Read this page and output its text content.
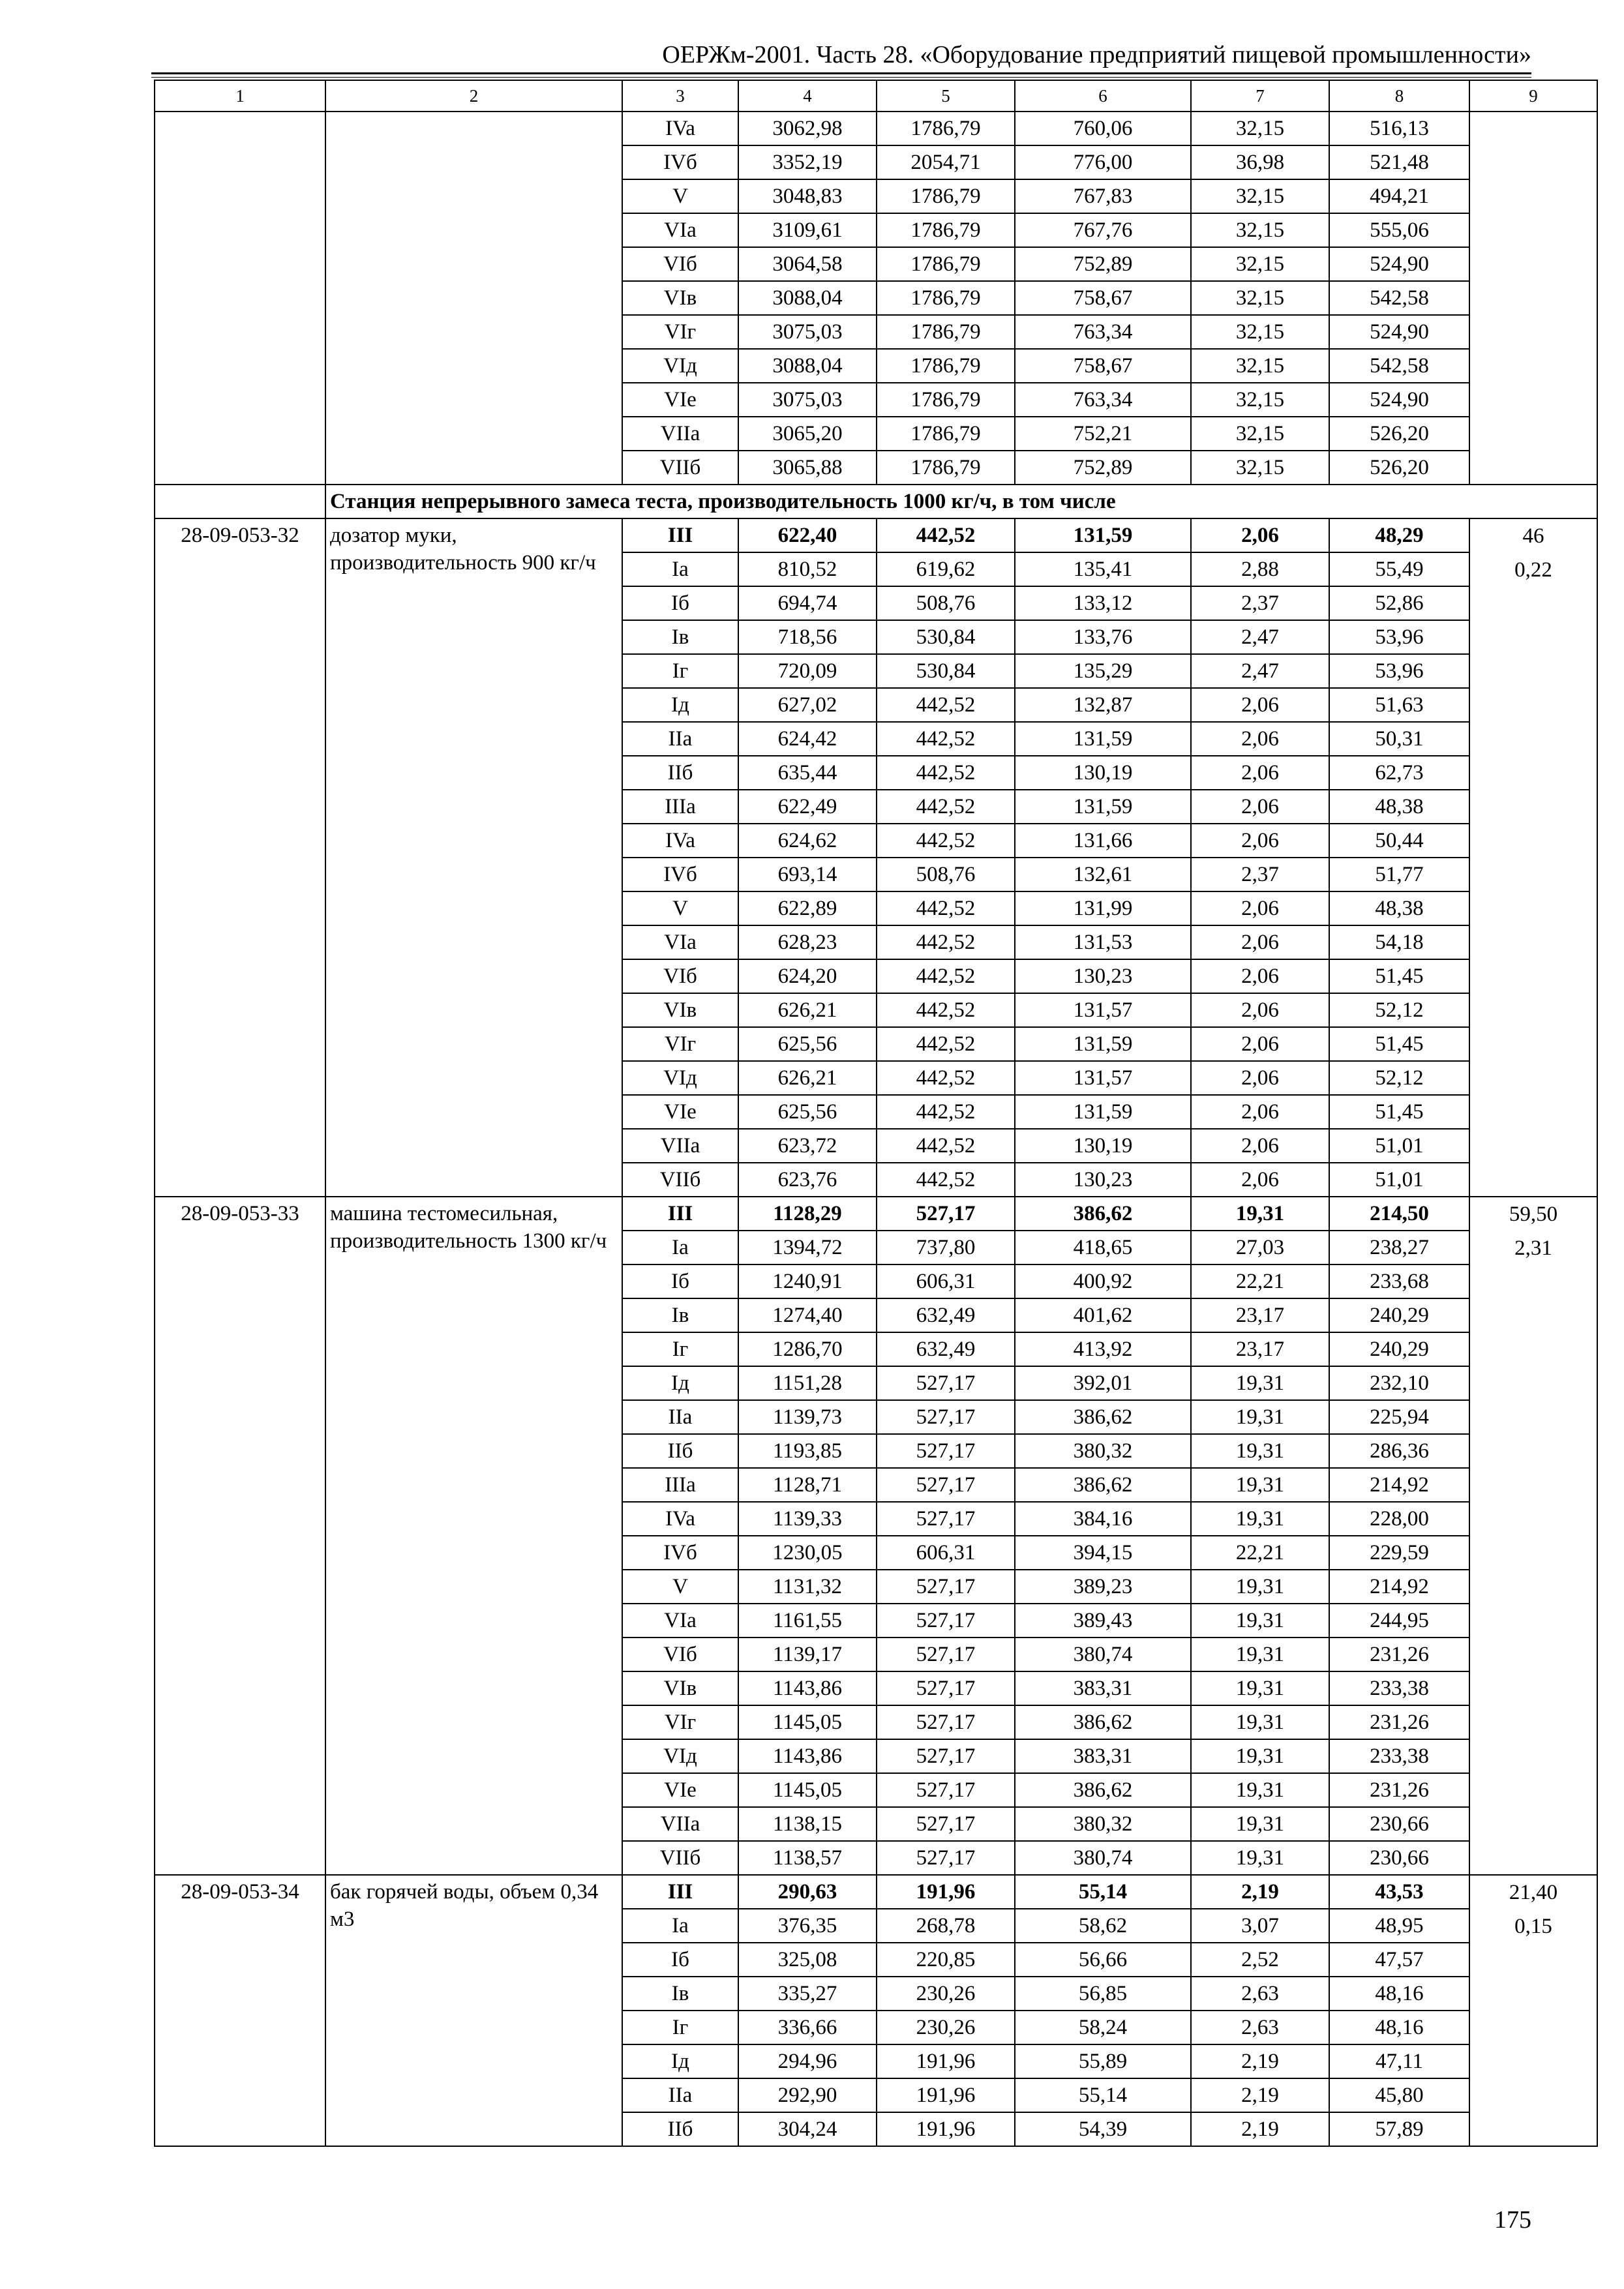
ОЕРЖм-2001. Часть 28. «Оборудование предприятий пищевой промышленности»
1	2	3	4	5	6	7	8	9
		IVa	3062,98	1786,79	760,06	32,15	516,13	
		IVб	3352,19	2054,71	776,00	36,98	521,48	
		V	3048,83	1786,79	767,83	32,15	494,21	
		VIa	3109,61	1786,79	767,76	32,15	555,06	
		VIб	3064,58	1786,79	752,89	32,15	524,90	
		VIв	3088,04	1786,79	758,67	32,15	542,58	
		VIг	3075,03	1786,79	763,34	32,15	524,90	
		VIд	3088,04	1786,79	758,67	32,15	542,58	
		VIe	3075,03	1786,79	763,34	32,15	524,90	
		VIIa	3065,20	1786,79	752,21	32,15	526,20	
		VIIб	3065,88	1786,79	752,89	32,15	526,20	
	Станция непрерывного замеса теста, производительность 1000 кг/ч, в том числе							
28-09-053-32	дозатор муки, производительность 900 кг/ч	III	622,40	442,52	131,59	2,06	48,29	46
0,22

		Ia	810,52	619,62	135,41	2,88	55,49	
		Iб	694,74	508,76	133,12	2,37	52,86	
		Iв	718,56	530,84	133,76	2,47	53,96	
		Iг	720,09	530,84	135,29	2,47	53,96	
		Iд	627,02	442,52	132,87	2,06	51,63	
		IIa	624,42	442,52	131,59	2,06	50,31	
		IIб	635,44	442,52	130,19	2,06	62,73	
		IIIa	622,49	442,52	131,59	2,06	48,38	
		IVa	624,62	442,52	131,66	2,06	50,44	
		IVб	693,14	508,76	132,61	2,37	51,77	
		V	622,89	442,52	131,99	2,06	48,38	
		VIa	628,23	442,52	131,53	2,06	54,18	
		VIб	624,20	442,52	130,23	2,06	51,45	
		VIв	626,21	442,52	131,57	2,06	52,12	
		VIг	625,56	442,52	131,59	2,06	51,45	
		VIд	626,21	442,52	131,57	2,06	52,12	
		VIe	625,56	442,52	131,59	2,06	51,45	
		VIIa	623,72	442,52	130,19	2,06	51,01	
		VIIб	623,76	442,52	130,23	2,06	51,01	
28-09-053-33	машина тестомесильная, производительность 1300 кг/ч	III	1128,29	527,17	386,62	19,31	214,50	59,50
2,31

		Ia	1394,72	737,80	418,65	27,03	238,27	
		Iб	1240,91	606,31	400,92	22,21	233,68	
		Iв	1274,40	632,49	401,62	23,17	240,29	
		Iг	1286,70	632,49	413,92	23,17	240,29	
		Iд	1151,28	527,17	392,01	19,31	232,10	
		IIa	1139,73	527,17	386,62	19,31	225,94	
		IIб	1193,85	527,17	380,32	19,31	286,36	
		IIIa	1128,71	527,17	386,62	19,31	214,92	
		IVa	1139,33	527,17	384,16	19,31	228,00	
		IVб	1230,05	606,31	394,15	22,21	229,59	
		V	1131,32	527,17	389,23	19,31	214,92	
		VIa	1161,55	527,17	389,43	19,31	244,95	
		VIб	1139,17	527,17	380,74	19,31	231,26	
		VIв	1143,86	527,17	383,31	19,31	233,38	
		VIг	1145,05	527,17	386,62	19,31	231,26	
		VIд	1143,86	527,17	383,31	19,31	233,38	
		VIe	1145,05	527,17	386,62	19,31	231,26	
		VIIa	1138,15	527,17	380,32	19,31	230,66	
		VIIб	1138,57	527,17	380,74	19,31	230,66	
28-09-053-34	бак горячей воды, объем 0,34 м3	III	290,63	191,96	55,14	2,19	43,53	21,40
0,15

		Ia	376,35	268,78	58,62	3,07	48,95	
		Iб	325,08	220,85	56,66	2,52	47,57	
		Iв	335,27	230,26	56,85	2,63	48,16	
		Iг	336,66	230,26	58,24	2,63	48,16	
		Iд	294,96	191,96	55,89	2,19	47,11	
		IIa	292,90	191,96	55,14	2,19	45,80	
		IIб	304,24	191,96	54,39	2,19	57,89	
175
